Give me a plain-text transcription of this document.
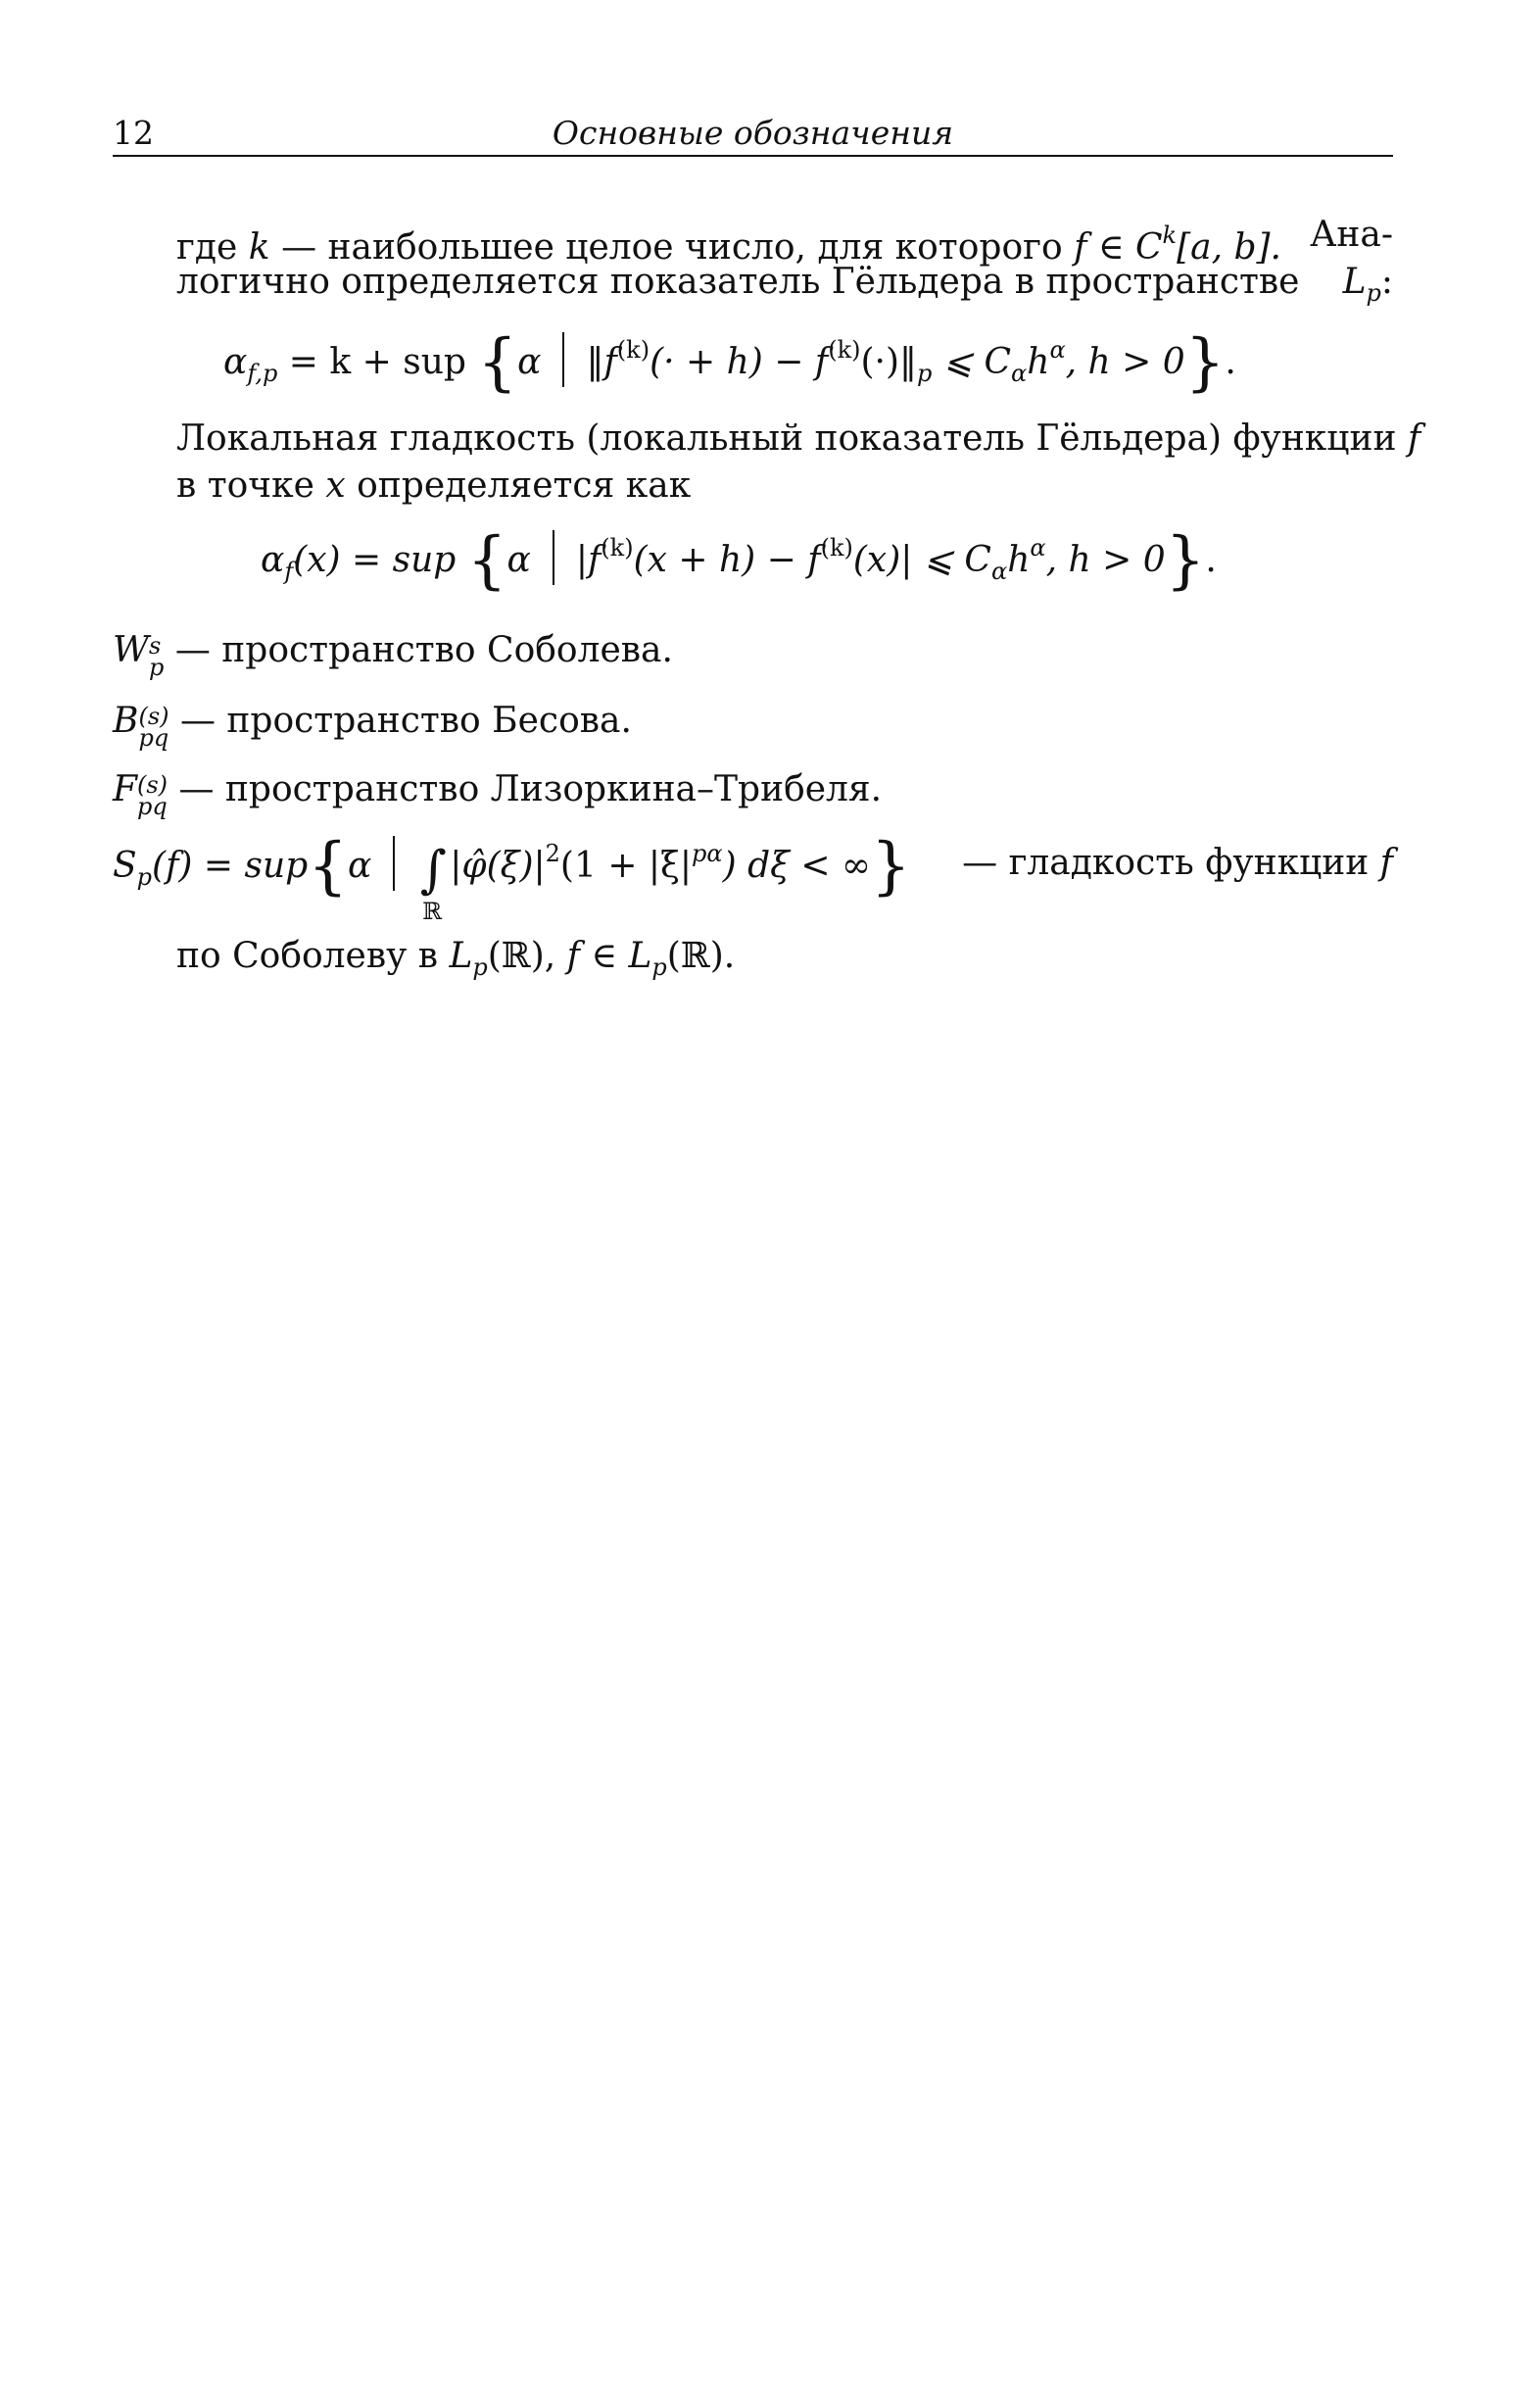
12	Основные обозначения
где k — наибольшее целое число, для которого f ∈ $C^k[a$, b]. Ана-
логично определяется показатель Гёльдера в пространстве $L_p$:
$\alpha_{f,p} = k$ + sup {α $‖f^{(k)}(\cdot + h)$ − $f^{(k)}(\cdot)‖_p$ ⩽ $C_\alpha h^\alpha$, h > 0}.
Локальная гладкость (локальный показатель Гёльдера) функции f
в точке x определяется как
$\alpha_f(x)$ = sup {α $|f^{(k)}(x + h) - f^{(k)}(x)|$ ⩽ $C_\alpha h^\alpha$, h > 0}.
W s
p — пространство Соболева.
B (s)
pq — пространство Бесова.
F (s)
pq — пространство Лизоркина–Трибеля.
$S_p(f) = sup\{\alpha$ ∫
ℝ
$|\varphî(\xi)|^2(1 + |\xi|^{p\alpha}) d\xi$ < ∞} — гладкость функции f
по Соболеву в $L_p(ℝ)$, f ∈ $L_p(ℝ)$.
